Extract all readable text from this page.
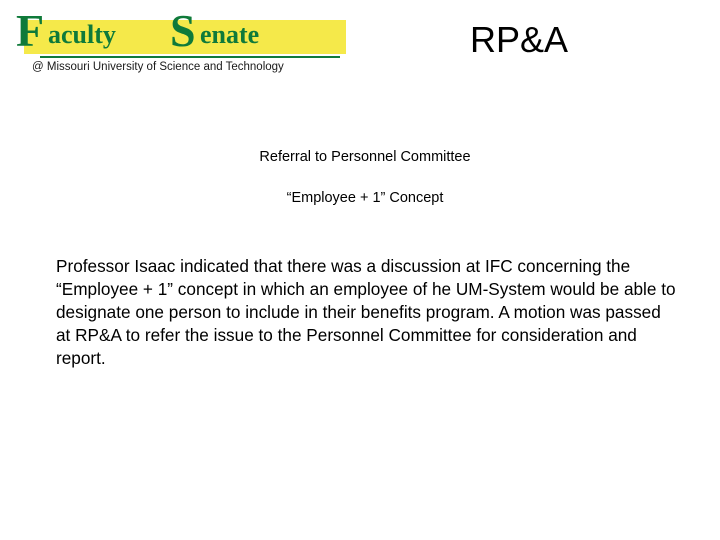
F aculty S enate
@ Missouri University of Science and Technology
RP&A
Referral to Personnel Committee
“Employee + 1” Concept
Professor Isaac indicated that there was a discussion at IFC concerning the “Employee + 1” concept in which an employee of he UM-System would be able to designate one person to include in their benefits program. A motion was passed at RP&A to refer the issue to the Personnel Committee for consideration and report.
